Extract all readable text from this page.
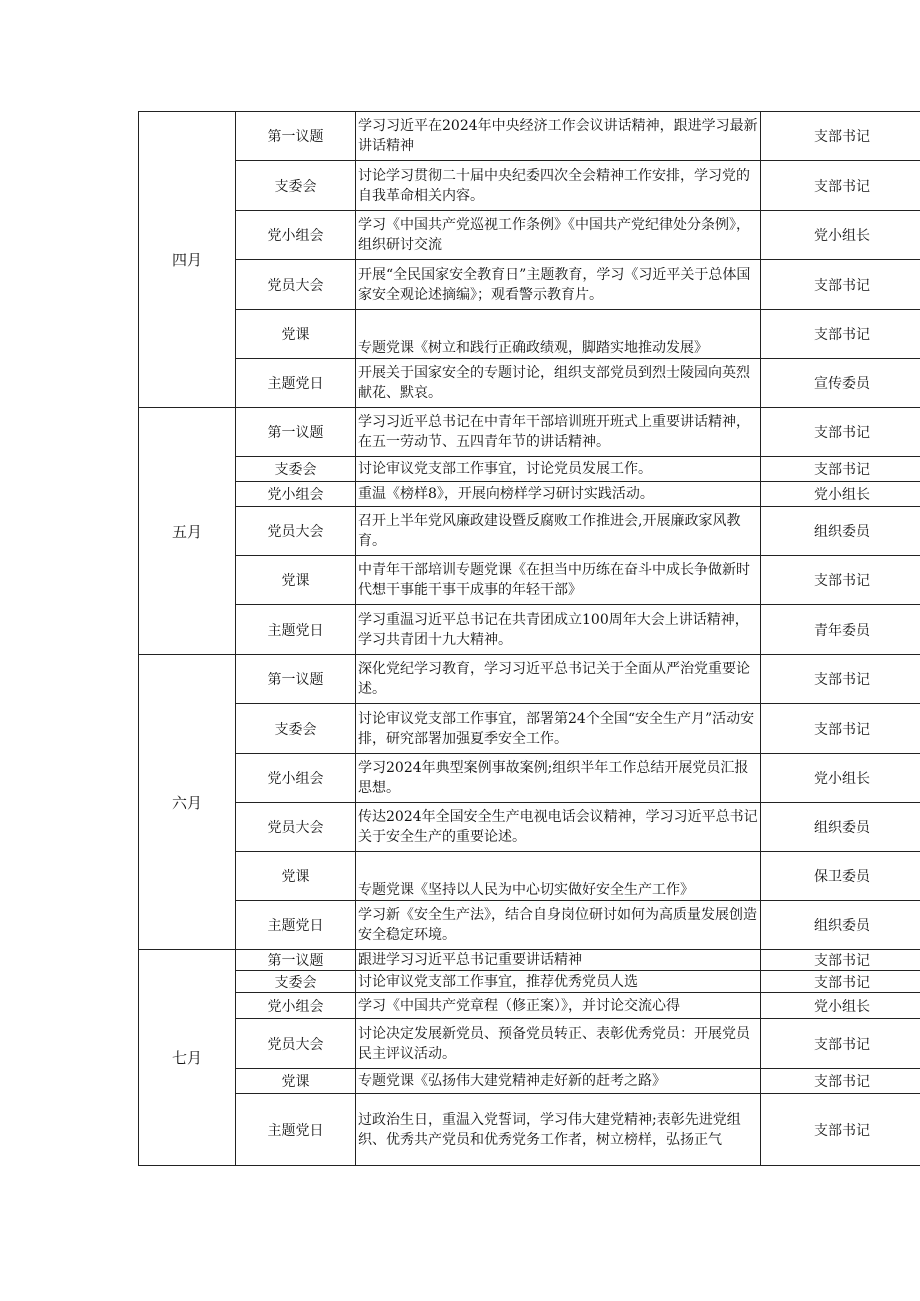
四月	第一议题	学习习近平在2024年中央经济工作会议讲话精神，跟进学习最新讲话精神	支部书记
	支委会	讨论学习贯彻二十届中央纪委四次全会精神工作安排，学习党的自我革命相关内容。	支部书记
	党小组会	学习《中国共产党巡视工作条例》《中国共产党纪律处分条例》，组织研讨交流	党小组长
	党员大会	开展“全民国家安全教育日”主题教育，学习《习近平关于总体国家安全观论述摘编》；观看警示教育片。	支部书记
	党课	专题党课《树立和践行正确政绩观，脚踏实地推动发展》	支部书记
	主题党日	开展关于国家安全的专题讨论，组织支部党员到烈士陵园向英烈献花、默哀。	宣传委员
五月	第一议题	学习习近平总书记在中青年干部培训班开班式上重要讲话精神，在五一劳动节、五四青年节的讲话精神。	支部书记
	支委会	讨论审议党支部工作事宜，讨论党员发展工作。	支部书记
	党小组会	重温《榜样8》，开展向榜样学习研讨实践活动。	党小组长
	党员大会	召开上半年党风廉政建设暨反腐败工作推进会,开展廉政家风教育。	组织委员
	党课	中青年干部培训专题党课《在担当中历练在奋斗中成长争做新时代想干事能干事干成事的年轻干部》	支部书记
	主题党日	学习重温习近平总书记在共青团成立100周年大会上讲话精神，学习共青团十九大精神。	青年委员
六月	第一议题	深化党纪学习教育，学习习近平总书记关于全面从严治党重要论述。	支部书记
	支委会	讨论审议党支部工作事宜，部署第24个全国“安全生产月”活动安排，研究部署加强夏季安全工作。	支部书记
	党小组会	学习2024年典型案例事故案例;组织半年工作总结开展党员汇报思想。	党小组长
	党员大会	传达2024年全国安全生产电视电话会议精神，学习习近平总书记关于安全生产的重要论述。	组织委员
	党课	专题党课《坚持以人民为中心切实做好安全生产工作》	保卫委员
	主题党日	学习新《安全生产法》，结合自身岗位研讨如何为高质量发展创造安全稳定环境。	组织委员
七月	第一议题	跟进学习习近平总书记重要讲话精神	支部书记
	支委会	讨论审议党支部工作事宜，推荐优秀党员人选	支部书记
	党小组会	学习《中国共产党章程（修正案）》，并讨论交流心得	党小组长
	党员大会	讨论决定发展新党员、预备党员转正、表彰优秀党员：开展党员民主评议活动。	支部书记
	党课	专题党课《弘扬伟大建党精神走好新的赶考之路》	支部书记
	主题党日	过政治生日，重温入党誓词，学习伟大建党精神;表彰先进党组织、优秀共产党员和优秀党务工作者，树立榜样，弘扬正气	支部书记
